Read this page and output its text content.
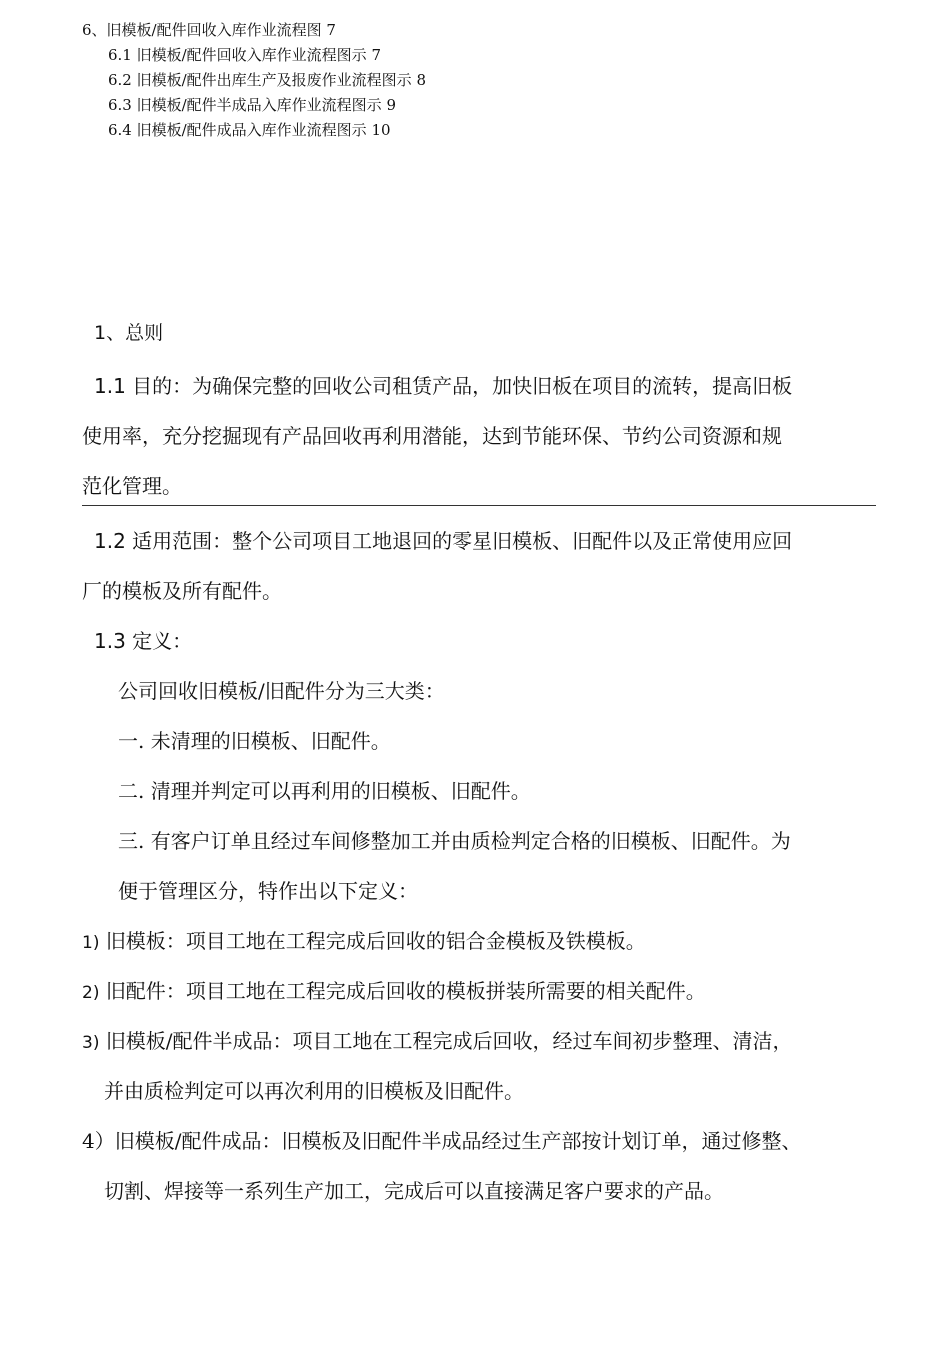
6、旧模板/配件回收入库作业流程图 7
6.1 旧模板/配件回收入库作业流程图示 7
6.2 旧模板/配件出库生产及报废作业流程图示 8
6.3 旧模板/配件半成品入库作业流程图示 9
6.4 旧模板/配件成品入库作业流程图示 10
1、总则
1.1 目的：为确保完整的回收公司租赁产品，加快旧板在项目的流转，提高旧板
使用率，充分挖掘现有产品回收再利用潜能，达到节能环保、节约公司资源和规
范化管理。
1.2 适用范围：整个公司项目工地退回的零星旧模板、旧配件以及正常使用应回
厂的模板及所有配件。
1.3 定义：
公司回收旧模板/旧配件分为三大类：
一. 未清理的旧模板、旧配件。
二. 清理并判定可以再利用的旧模板、旧配件。
三. 有客户订单且经过车间修整加工并由质检判定合格的旧模板、旧配件。为
便于管理区分，特作出以下定义：
1) 旧模板：项目工地在工程完成后回收的铝合金模板及铁模板。
2) 旧配件：项目工地在工程完成后回收的模板拼装所需要的相关配件。
3) 旧模板/配件半成品：项目工地在工程完成后回收，经过车间初步整理、清洁，
并由质检判定可以再次利用的旧模板及旧配件。
4）旧模板/配件成品：旧模板及旧配件半成品经过生产部按计划订单，通过修整、
切割、焊接等一系列生产加工，完成后可以直接满足客户要求的产品。
